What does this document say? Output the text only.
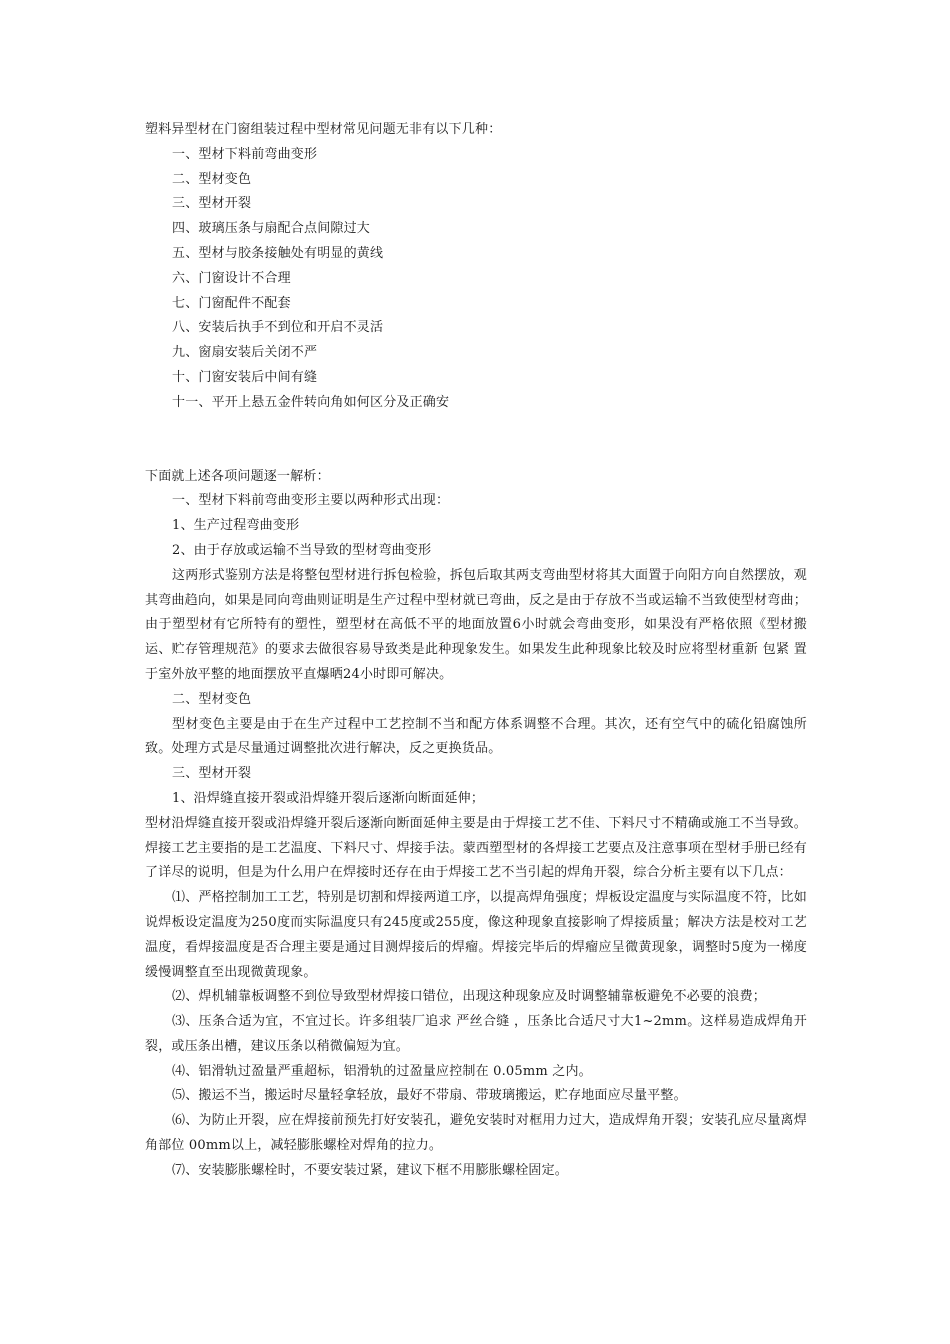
塑料异型材在门窗组装过程中型材常见问题无非有以下几种：

一、型材下料前弯曲变形

二、型材变色

三、型材开裂

四、玻璃压条与扇配合点间隙过大

五、型材与胶条接触处有明显的黄线

六、门窗设计不合理

七、门窗配件不配套

八、安装后执手不到位和开启不灵活

九、窗扇安装后关闭不严

十、门窗安装后中间有缝

十一、平开上悬五金件转向角如何区分及正确安

下面就上述各项问题逐一解析：

一、型材下料前弯曲变形主要以两种形式出现：

1、生产过程弯曲变形

2、由于存放或运输不当导致的型材弯曲变形

这两形式鉴别方法是将整包型材进行拆包检验，拆包后取其两支弯曲型材将其大面置于向阳方向自然摆放，观其弯曲趋向，如果是同向弯曲则证明是生产过程中型材就已弯曲，反之是由于存放不当或运输不当致使型材弯曲；由于塑型材有它所特有的塑性，塑型材在高低不平的地面放置6小时就会弯曲变形，如果没有严格依照《型材搬运、贮存管理规范》的要求去做很容易导致类是此种现象发生。如果发生此种现象比较及时应将型材重新 包紧 置于室外放平整的地面摆放平直爆晒24小时即可解决。

二、型材变色

型材变色主要是由于在生产过程中工艺控制不当和配方体系调整不合理。其次，还有空气中的硫化铅腐蚀所致。处理方式是尽量通过调整批次进行解决，反之更换货品。

三、型材开裂

1、沿焊缝直接开裂或沿焊缝开裂后逐渐向断面延伸；

型材沿焊缝直接开裂或沿焊缝开裂后逐渐向断面延伸主要是由于焊接工艺不佳、下料尺寸不精确或施工不当导致。焊接工艺主要指的是工艺温度、下料尺寸、焊接手法。蒙西塑型材的各焊接工艺要点及注意事项在型材手册已经有了详尽的说明，但是为什么用户在焊接时还存在由于焊接工艺不当引起的焊角开裂，综合分析主要有以下几点：

⑴、严格控制加工工艺，特别是切割和焊接两道工序，以提高焊角强度；焊板设定温度与实际温度不符，比如说焊板设定温度为250度而实际温度只有245度或255度，像这种现象直接影响了焊接质量；解决方法是校对工艺温度，看焊接温度是否合理主要是通过目测焊接后的焊瘤。焊接完毕后的焊瘤应呈微黄现象，调整时5度为一梯度缓慢调整直至出现微黄现象。

⑵、焊机辅靠板调整不到位导致型材焊接口错位，出现这种现象应及时调整辅靠板避免不必要的浪费；

⑶、压条合适为宜，不宜过长。许多组装厂追求 严丝合缝 ，压条比合适尺寸大1~2mm。这样易造成焊角开裂，或压条出槽，建议压条以稍微偏短为宜。

⑷、铝滑轨过盈量严重超标，铝滑轨的过盈量应控制在 0.05mm 之内。

⑸、搬运不当，搬运时尽量轻拿轻放，最好不带扇、带玻璃搬运，贮存地面应尽量平整。

⑹、为防止开裂，应在焊接前预先打好安装孔，避免安装时对框用力过大，造成焊角开裂；安装孔应尽量离焊角部位 00mm以上，减轻膨胀螺栓对焊角的拉力。

⑺、安装膨胀螺栓时，不要安装过紧，建议下框不用膨胀螺栓固定。
